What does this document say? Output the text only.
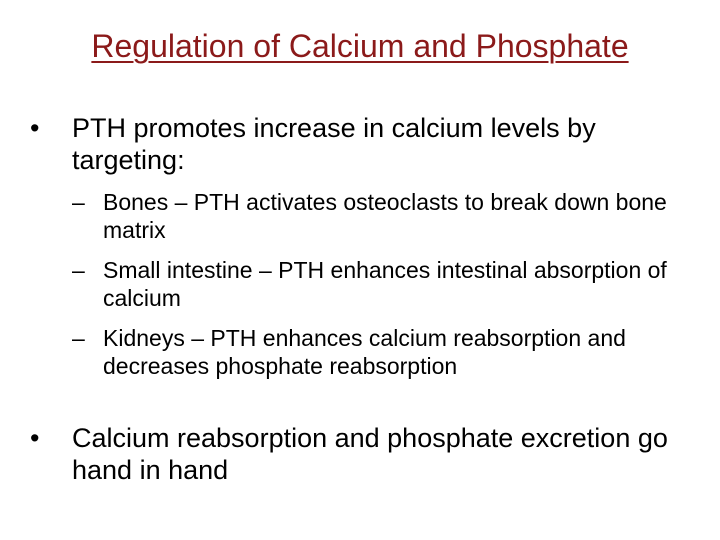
Regulation of Calcium and Phosphate
•	PTH promotes increase in calcium levels by targeting:
– Bones – PTH activates osteoclasts to break down bone matrix
– Small intestine – PTH enhances intestinal absorption of calcium
– Kidneys – PTH enhances calcium reabsorption and decreases phosphate reabsorption
•	Calcium reabsorption and phosphate excretion go hand in hand
